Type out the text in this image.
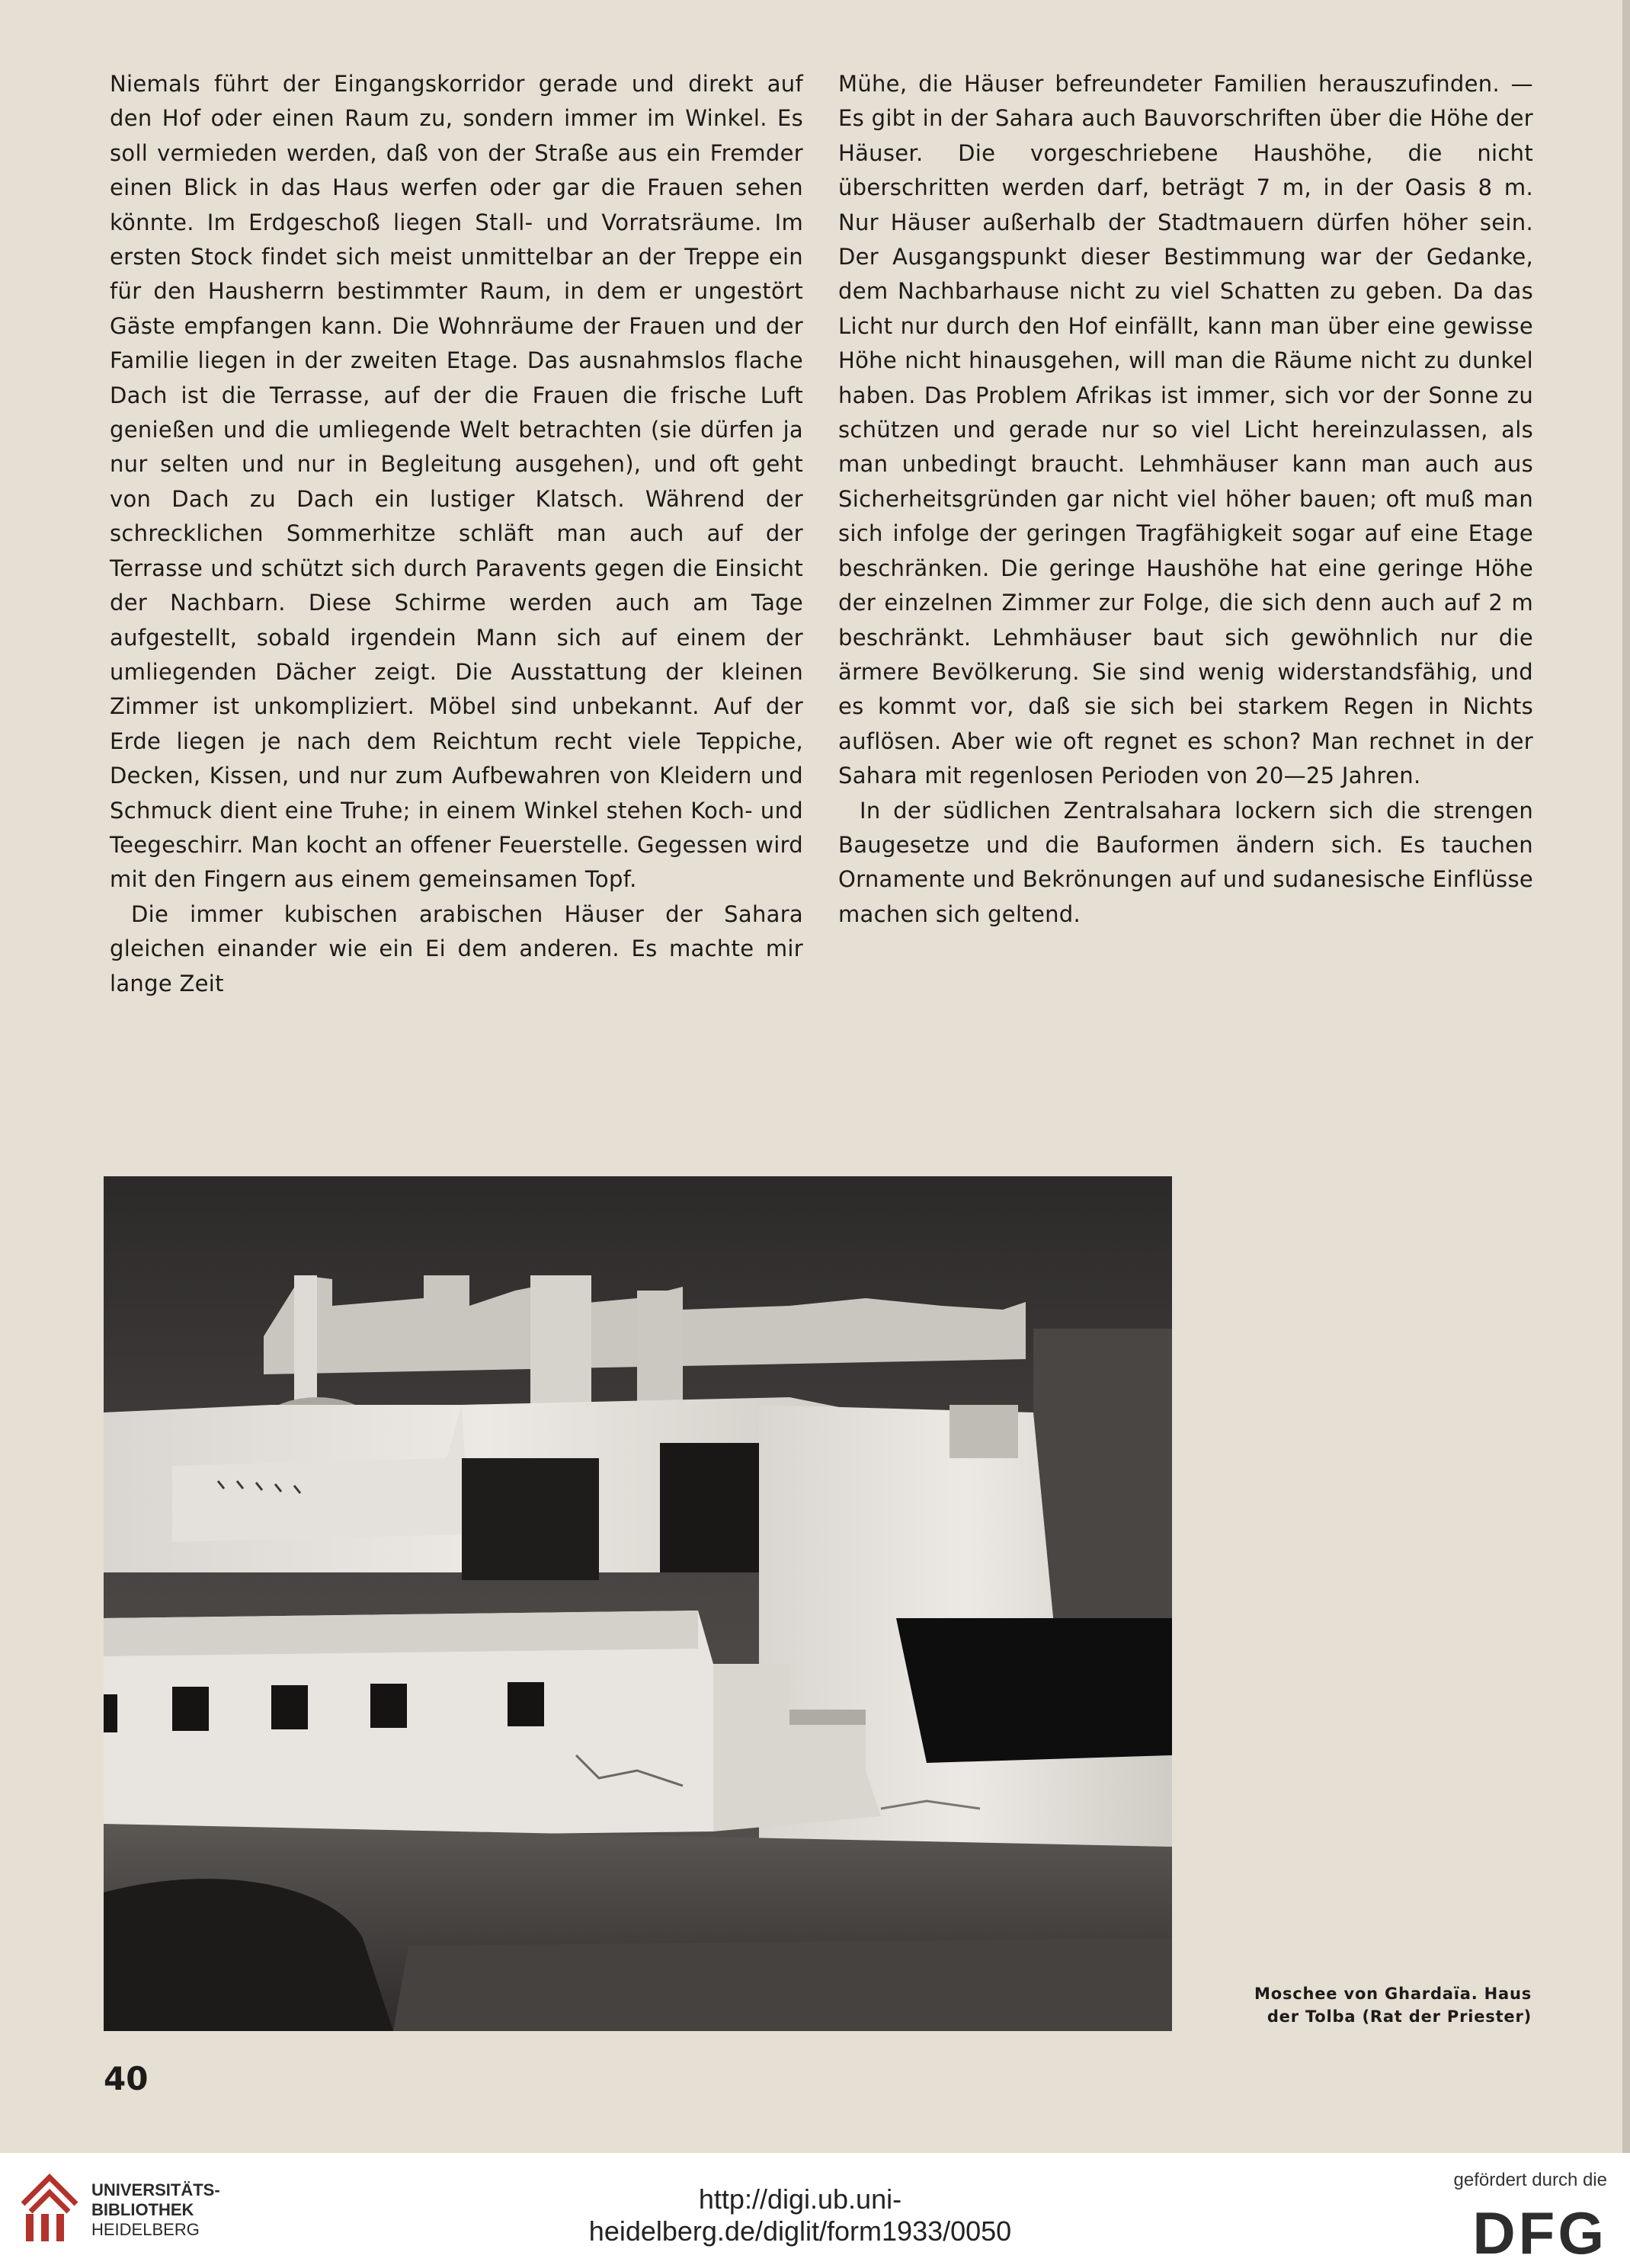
Niemals führt der Eingangskorridor gerade und direkt auf den Hof oder einen Raum zu, sondern immer im Winkel. Es soll vermieden werden, daß von der Straße aus ein Fremder einen Blick in das Haus werfen oder gar die Frauen sehen könnte. Im Erdgeschoß liegen Stall- und Vorratsräume. Im ersten Stock findet sich meist unmittelbar an der Treppe ein für den Hausherrn bestimmter Raum, in dem er ungestört Gäste empfangen kann. Die Wohnräume der Frauen und der Familie liegen in der zweiten Etage. Das ausnahmslos flache Dach ist die Terrasse, auf der die Frauen die frische Luft genießen und die umliegende Welt betrachten (sie dürfen ja nur selten und nur in Begleitung ausgehen), und oft geht von Dach zu Dach ein lustiger Klatsch. Während der schrecklichen Sommerhitze schläft man auch auf der Terrasse und schützt sich durch Paravents gegen die Einsicht der Nachbarn. Diese Schirme werden auch am Tage aufgestellt, sobald irgendein Mann sich auf einem der umliegenden Dächer zeigt. Die Ausstattung der kleinen Zimmer ist unkompliziert. Möbel sind unbekannt. Auf der Erde liegen je nach dem Reichtum recht viele Teppiche, Decken, Kissen, und nur zum Aufbewahren von Kleidern und Schmuck dient eine Truhe; in einem Winkel stehen Koch- und Teegeschirr. Man kocht an offener Feuerstelle. Gegessen wird mit den Fingern aus einem gemeinsamen Topf.

Die immer kubischen arabischen Häuser der Sahara gleichen einander wie ein Ei dem anderen. Es machte mir lange Zeit

Mühe, die Häuser befreundeter Familien herauszufinden. — Es gibt in der Sahara auch Bauvorschriften über die Höhe der Häuser. Die vorgeschriebene Haushöhe, die nicht überschritten werden darf, beträgt 7 m, in der Oasis 8 m. Nur Häuser außerhalb der Stadtmauern dürfen höher sein. Der Ausgangspunkt dieser Bestimmung war der Gedanke, dem Nachbarhause nicht zu viel Schatten zu geben. Da das Licht nur durch den Hof einfällt, kann man über eine gewisse Höhe nicht hinausgehen, will man die Räume nicht zu dunkel haben. Das Problem Afrikas ist immer, sich vor der Sonne zu schützen und gerade nur so viel Licht hereinzulassen, als man unbedingt braucht. Lehmhäuser kann man auch aus Sicherheitsgründen gar nicht viel höher bauen; oft muß man sich infolge der geringen Tragfähigkeit sogar auf eine Etage beschränken. Die geringe Haushöhe hat eine geringe Höhe der einzelnen Zimmer zur Folge, die sich denn auch auf 2 m beschränkt. Lehmhäuser baut sich gewöhnlich nur die ärmere Bevölkerung. Sie sind wenig widerstandsfähig, und es kommt vor, daß sie sich bei starkem Regen in Nichts auflösen. Aber wie oft regnet es schon? Man rechnet in der Sahara mit regenlosen Perioden von 20—25 Jahren.

In der südlichen Zentralsahara lockern sich die strengen Baugesetze und die Bauformen ändern sich. Es tauchen Ornamente und Bekrönungen auf und sudanesische Einflüsse machen sich geltend.

Moschee von Ghardaïa. Haus
der Tolba (Rat der Priester)
40
UNIVERSITÄTS-
BIBLIOTHEK
HEIDELBERG
http://digi.ub.uni-heidelberg.de/diglit/form1933/0050
gefördert durch die
DFG
